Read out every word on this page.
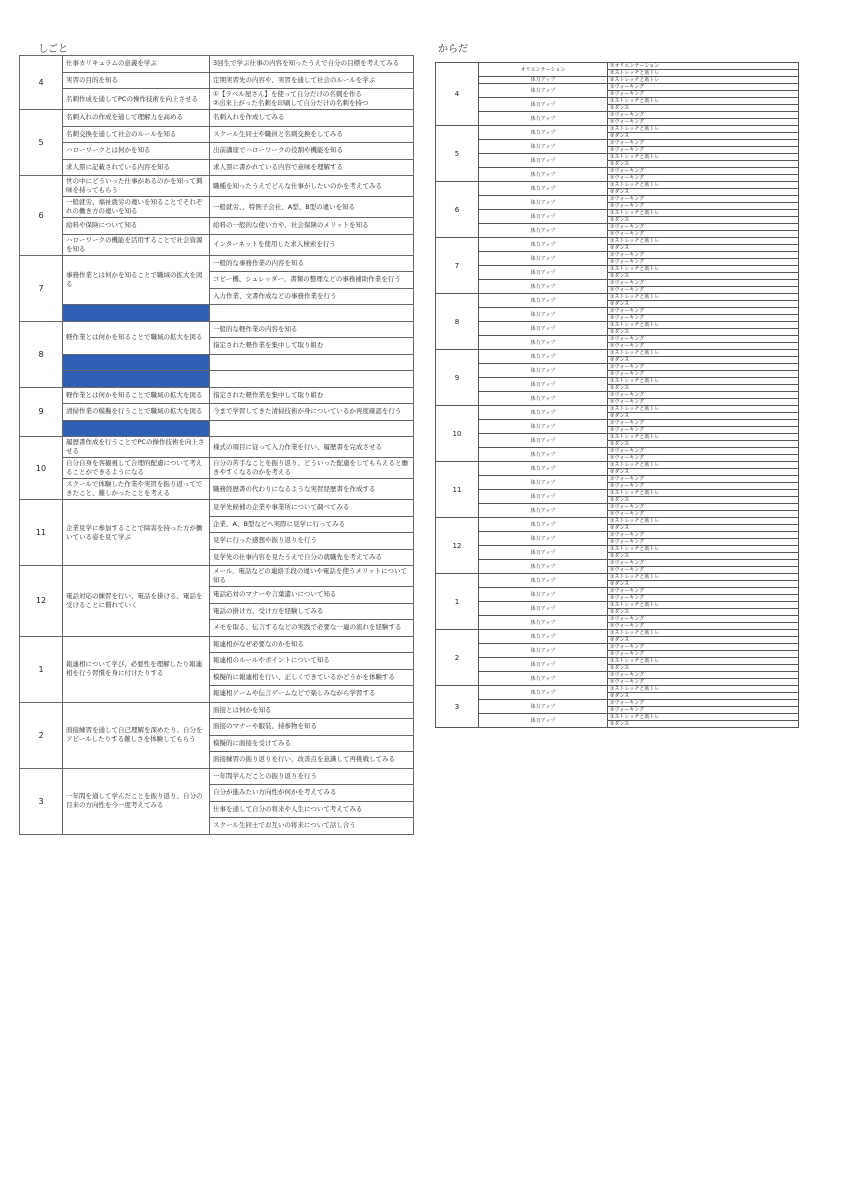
しごと	からだ
4	仕事カリキュラムの意義を学ぶ	3回生で学ぶ仕事の内容を知ったうえで自分の目標を考えてみる
	実習の目的を知る	定期実習先の内容や、実習を通して社会のルールを学ぶ
	名刺作成を通してPCの操作技術を向上させる	①【ラベル屋さん】を使って自分だけの名刺を作る
②出来上がった名刺を印刷して自分だけの名刺を持つ
5	名刺入れの作成を通して理解力を高める	名刺入れを作成してみる
	名刺交換を通して社会のルールを知る	スクール生同士や職員と名刺交換をしてみる
	ハローワークとは何かを知る	出前講座でハローワークの役割や機能を知る
	求人票に記載されている内容を知る	求人票に書かれている内容で意味を理解する
6	世の中にどういった仕事があるのかを知って興味を持ってもらう	職種を知ったうえでどんな仕事がしたいのかを考えてみる
	一般就労、福祉就労の違いを知ることでそれぞれの働き方の違いを知る	一般就労、、特例子会社、A型、B型の違いを知る
	給料や保険について知る	給料の一般的な使い方や、社会保険のメリットを知る
	ハローワークの機能を活用することで社会資源を知る	インターネットを使用した求人検索を行う
7	事務作業とは何かを知ることで職域の拡大を図る	一般的な事務作業の内容を知る
		コピー機、シュレッダー、書類の整理などの事務補助作業を行う
		入力作業、文書作成などの事務作業を行う

8	軽作業とは何かを知ることで職域の拡大を図る	一般的な軽作業の内容を知る
		指定された軽作業を集中して取り組む

9	軽作業とは何かを知ることで職域の拡大を図る	指定された軽作業を集中して取り組む
	清掃作業の模擬を行うことで職域の拡大を図る	今まで学習してきた清掃技術が身についているか再度確認を行う

10	履歴書作成を行うことでPCの操作技術を向上させる	様式の項目に従って入力作業を行い、履歴書を完成させる
	自分自身を客観視して合理的配慮について考えることができるようになる	自分の苦手なことを振り返り、どういった配慮をしてもらえると働きやすくなるのかを考える
	スクールで体験した作業や実習を振り返ってできたこと、難しかったことを考える	職務経歴書の代わりになるような実習経歴書を作成する
11	企業見学に参加することで障害を持った方が働いている姿を見て学ぶ	見学先候補の企業や事業所について調べてみる
		企業、A、B型などへ実際に見学に行ってみる
		見学に行った感想や振り返りを行う
		見学先の仕事内容を見たうえで自分の就職先を考えてみる
12	電話対応の練習を行い、電話を掛ける、電話を受けることに慣れていく	メール、電話などの連絡手段の違いや電話を使うメリットについて知る
		電話応対のマナーや言葉遣いについて知る
		電話の掛け方、受け方を経験してみる
		メモを取る、伝言するなどの実践で必要な一連の流れを経験する
1	報連相について学び、必要性を理解したり報連相を行う習慣を身に付けたりする	報連相がなぜ必要なのかを知る
		報連相のルールやポイントについて知る
		模擬的に報連相を行い、正しくできているかどうかを体験する
		報連相ゲームや伝言ゲームなどで楽しみながら学習する
2	面接練習を通して自己理解を深めたり、自分をアピールしたりする難しさを体験してもらう	面接とは何かを知る
		面接のマナーや服装、持参物を知る
		模擬的に面接を受けてみる
		面接練習の振り返りを行い、改善点を意識して再挑戦してみる
3	一年間を通して学んだことを振り返り、自分の目来の方向性を今一度考えてみる	一年間学んだことの振り返りを行う
		自分が進みたい方向性が何かを考えてみる
		仕事を通して自分の将来や人生について考えてみる
		スクール生同士でお互いの将来について話し合う
4	オリエンテーション	①オリエンテーション
		②ストレッチと筋トレ
	体力アップ	②ストレッチと筋トレ
	体力アップ	①ウォーキング
		②ウォーキング
	体力アップ	①ストレッチと筋トレ
		②ダンス
	体力アップ	①ウォーキング
		②ウォーキング
5	体力アップ	①ストレッチと筋トレ
		②ダンス
	体力アップ	①ウォーキング
		②ウォーキング
	体力アップ	①ストレッチと筋トレ
		②ダンス
	体力アップ	①ウォーキング
		②ウォーキング
6	体力アップ	①ストレッチと筋トレ
		②ダンス
	体力アップ	①ウォーキング
		②ウォーキング
	体力アップ	①ストレッチと筋トレ
		②ダンス
	体力アップ	①ウォーキング
		②ウォーキング
7	体力アップ	①ストレッチと筋トレ
		②ダンス
	体力アップ	①ウォーキング
		②ウォーキング
	体力アップ	①ストレッチと筋トレ
		②ダンス
	体力アップ	①ウォーキング
		②ウォーキング
8	体力アップ	①ストレッチと筋トレ
		②ダンス
	体力アップ	①ウォーキング
		②ウォーキング
	体力アップ	①ストレッチと筋トレ
		②ダンス
	体力アップ	①ウォーキング
		②ウォーキング
9	体力アップ	①ストレッチと筋トレ
		②ダンス
	体力アップ	①ウォーキング
		②ウォーキング
	体力アップ	①ストレッチと筋トレ
		②ダンス
	体力アップ	①ウォーキング
		②ウォーキング
10	体力アップ	①ストレッチと筋トレ
		②ダンス
	体力アップ	①ウォーキング
		②ウォーキング
	体力アップ	①ストレッチと筋トレ
		②ダンス
	体力アップ	①ウォーキング
		②ウォーキング
11	体力アップ	①ストレッチと筋トレ
		②ダンス
	体力アップ	①ウォーキング
		②ウォーキング
	体力アップ	①ストレッチと筋トレ
		②ダンス
	体力アップ	①ウォーキング
		②ウォーキング
12	体力アップ	①ストレッチと筋トレ
		②ダンス
	体力アップ	①ウォーキング
		②ウォーキング
	体力アップ	①ストレッチと筋トレ
		②ダンス
	体力アップ	①ウォーキング
		②ウォーキング
1	体力アップ	①ストレッチと筋トレ
		②ダンス
	体力アップ	①ウォーキング
		②ウォーキング
	体力アップ	①ストレッチと筋トレ
		②ダンス
	体力アップ	①ウォーキング
		②ウォーキング
2	体力アップ	①ストレッチと筋トレ
		②ダンス
	体力アップ	①ウォーキング
		②ウォーキング
	体力アップ	①ストレッチと筋トレ
		②ダンス
	体力アップ	①ウォーキング
		②ウォーキング
3	体力アップ	①ストレッチと筋トレ
		②ダンス
	体力アップ	①ウォーキング
		②ウォーキング
	体力アップ	①ストレッチと筋トレ
		②ダンス
